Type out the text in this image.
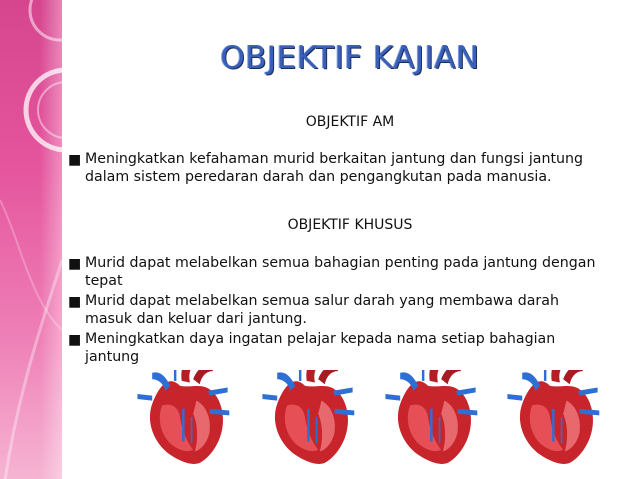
OBJEKTIF KAJIAN
OBJEKTIF AM
■ Meningkatkan kefahaman murid berkaitan jantung dan fungsi jantung dalam sistem peredaran darah dan pengangkutan pada manusia.
OBJEKTIF KHUSUS
■ Murid dapat melabelkan semua bahagian penting pada jantung dengan tepat
■ Murid dapat melabelkan semua salur darah yang membawa darah masuk dan keluar dari jantung.
■ Meningkatkan daya ingatan pelajar kepada nama setiap bahagian jantung
